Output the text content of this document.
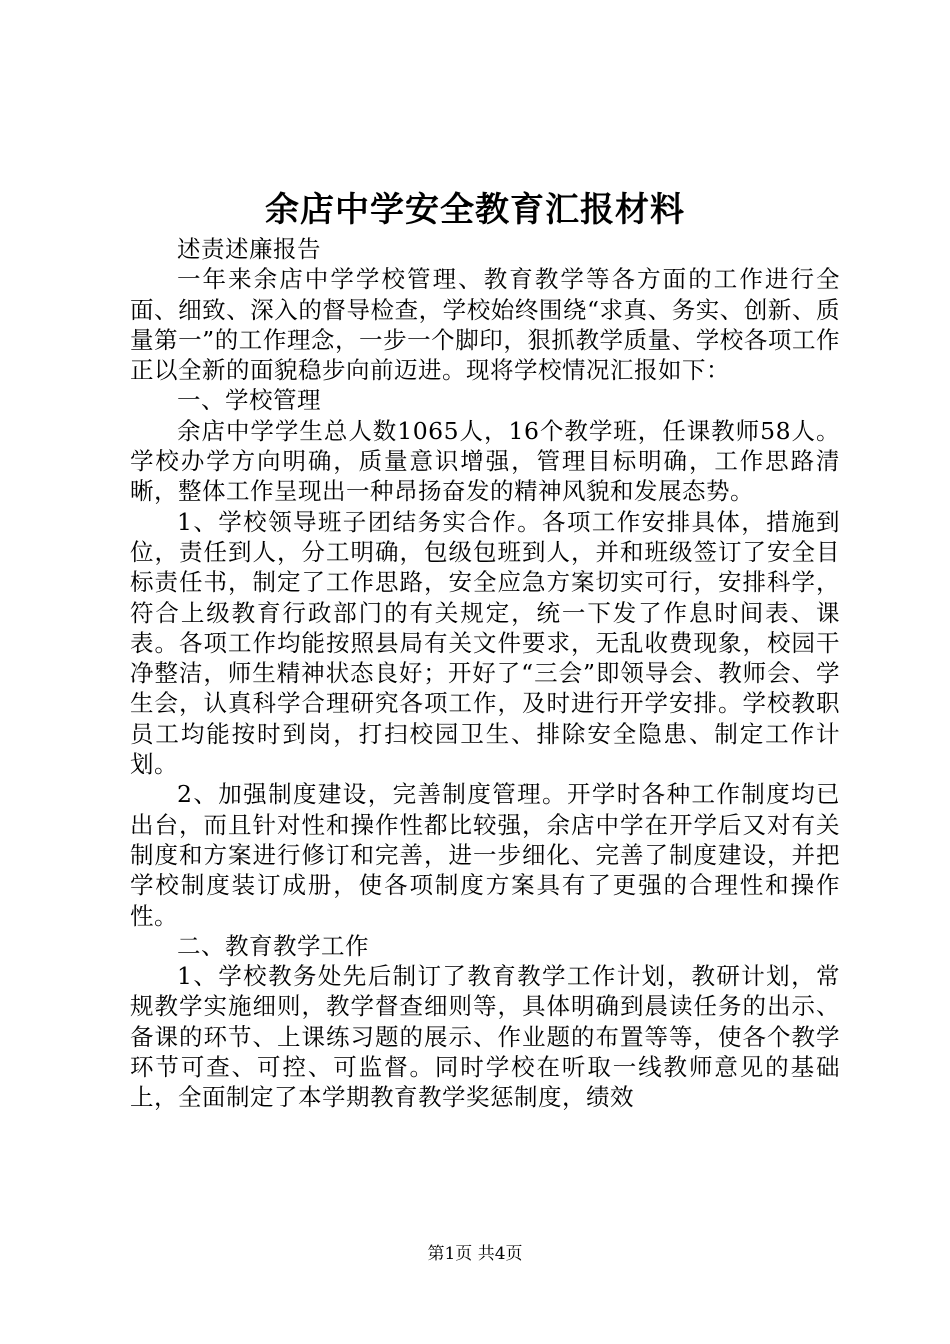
余店中学安全教育汇报材料

述责述廉报告

一年来余店中学学校管理、教育教学等各方面的工作进行全面、细致、深入的督导检查，学校始终围绕“求真、务实、创新、质量第一”的工作理念，一步一个脚印，狠抓教学质量、学校各项工作正以全新的面貌稳步向前迈进。现将学校情况汇报如下：

一、学校管理

余店中学学生总人数1065人，16个教学班，任课教师58人。学校办学方向明确，质量意识增强，管理目标明确，工作思路清晰，整体工作呈现出一种昂扬奋发的精神风貌和发展态势。

1、学校领导班子团结务实合作。各项工作安排具体，措施到位，责任到人，分工明确，包级包班到人，并和班级签订了安全目标责任书，制定了工作思路，安全应急方案切实可行，安排科学，符合上级教育行政部门的有关规定，统一下发了作息时间表、课表。各项工作均能按照县局有关文件要求，无乱收费现象，校园干净整洁，师生精神状态良好；开好了“三会”即领导会、教师会、学生会，认真科学合理研究各项工作，及时进行开学安排。学校教职员工均能按时到岗，打扫校园卫生、排除安全隐患、制定工作计划。

2、加强制度建设，完善制度管理。开学时各种工作制度均已出台，而且针对性和操作性都比较强，余店中学在开学后又对有关制度和方案进行修订和完善，进一步细化、完善了制度建设，并把学校制度装订成册，使各项制度方案具有了更强的合理性和操作性。

二、教育教学工作

1、学校教务处先后制订了教育教学工作计划，教研计划，常规教学实施细则，教学督查细则等，具体明确到晨读任务的出示、备课的环节、上课练习题的展示、作业题的布置等等，使各个教学环节可查、可控、可监督。同时学校在听取一线教师意见的基础上，全面制定了本学期教育教学奖惩制度，绩效

第1页 共4页
